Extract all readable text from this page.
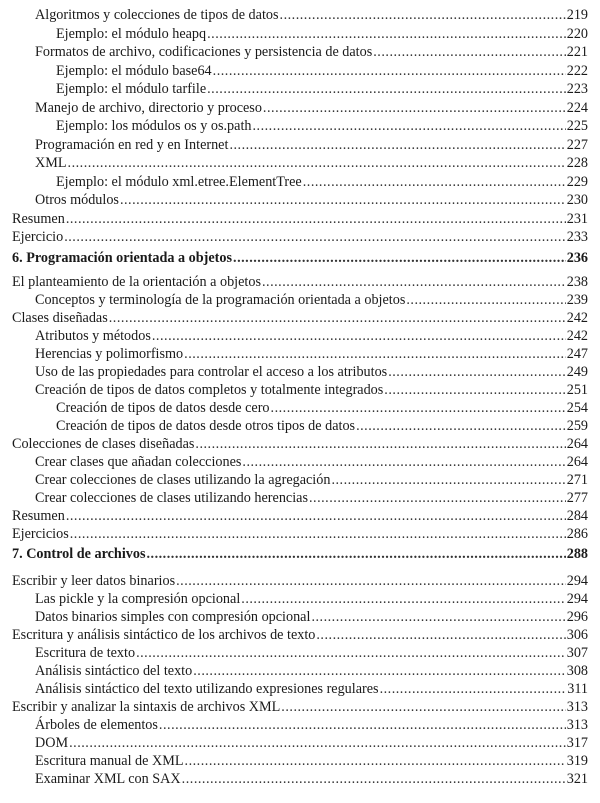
Algoritmos y colecciones de tipos de datos .....	219
Ejemplo: el módulo heapq .....	220
Formatos de archivo, codificaciones y persistencia de datos .....	221
Ejemplo: el módulo base64 .....	222
Ejemplo: el módulo tarfile .....	223
Manejo de archivo, directorio y proceso .....	224
Ejemplo: los módulos os y os.path .....	225
Programación en red y en Internet .....	227
XML .....	228
Ejemplo: el módulo xml.etree.ElementTree .....	229
Otros módulos .....	230
Resumen .....	231
Ejercicio .....	233
6. Programación orientada a objetos .....	236
El planteamiento de la orientación a objetos .....	238
Conceptos y terminología de la programación orientada a objetos .....	239
Clases diseñadas .....	242
Atributos y métodos .....	242
Herencias y polimorfismo .....	247
Uso de las propiedades para controlar el acceso a los atributos .....	249
Creación de tipos de datos completos y totalmente integrados .....	251
Creación de tipos de datos desde cero .....	254
Creación de tipos de datos desde otros tipos de datos .....	259
Colecciones de clases diseñadas .....	264
Crear clases que añadan colecciones .....	264
Crear colecciones de clases utilizando la agregación .....	271
Crear colecciones de clases utilizando herencias .....	277
Resumen .....	284
Ejercicios .....	286
7. Control de archivos .....	288
Escribir y leer datos binarios .....	294
Las pickle y la compresión opcional .....	294
Datos binarios simples con compresión opcional .....	296
Escritura y análisis sintáctico de los archivos de texto .....	306
Escritura de texto .....	307
Análisis sintáctico del texto .....	308
Análisis sintáctico del texto utilizando expresiones regulares .....	311
Escribir y analizar la sintaxis de archivos XML .....	313
Árboles de elementos .....	313
DOM .....	317
Escritura manual de XML .....	319
Examinar XML con SAX .....	321
